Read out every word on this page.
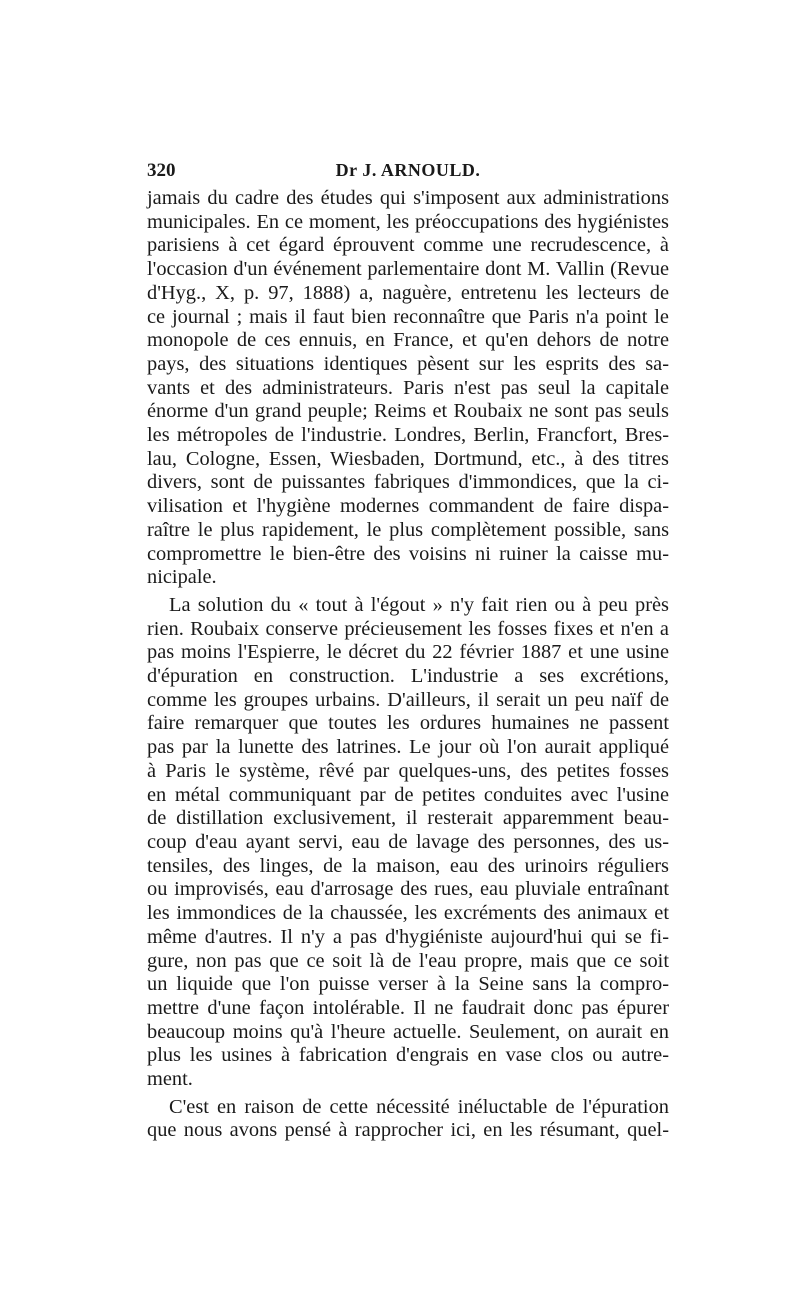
320	Dr J. ARNOULD.
jamais du cadre des études qui s'imposent aux administrations
municipales. En ce moment, les préoccupations des hygiénistes
parisiens à cet égard éprouvent comme une recrudescence, à
l'occasion d'un événement parlementaire dont M. Vallin (Revue
d'Hyg., X, p. 97, 1888) a, naguère, entretenu les lecteurs de
ce journal ; mais il faut bien reconnaître que Paris n'a point le
monopole de ces ennuis, en France, et qu'en dehors de notre
pays, des situations identiques pèsent sur les esprits des sa-
vants et des administrateurs. Paris n'est pas seul la capitale
énorme d'un grand peuple; Reims et Roubaix ne sont pas seuls
les métropoles de l'industrie. Londres, Berlin, Francfort, Bres-
lau, Cologne, Essen, Wiesbaden, Dortmund, etc., à des titres
divers, sont de puissantes fabriques d'immondices, que la ci-
vilisation et l'hygiène modernes commandent de faire dispa-
raître le plus rapidement, le plus complètement possible, sans
compromettre le bien-être des voisins ni ruiner la caisse mu-
nicipale.
La solution du « tout à l'égout » n'y fait rien ou à peu près
rien. Roubaix conserve précieusement les fosses fixes et n'en a
pas moins l'Espierre, le décret du 22 février 1887 et une usine
d'épuration en construction. L'industrie a ses excrétions,
comme les groupes urbains. D'ailleurs, il serait un peu naïf de
faire remarquer que toutes les ordures humaines ne passent
pas par la lunette des latrines. Le jour où l'on aurait appliqué
à Paris le système, rêvé par quelques-uns, des petites fosses
en métal communiquant par de petites conduites avec l'usine
de distillation exclusivement, il resterait apparemment beau-
coup d'eau ayant servi, eau de lavage des personnes, des us-
tensiles, des linges, de la maison, eau des urinoirs réguliers
ou improvisés, eau d'arrosage des rues, eau pluviale entraînant
les immondices de la chaussée, les excréments des animaux et
même d'autres. Il n'y a pas d'hygiéniste aujourd'hui qui se fi-
gure, non pas que ce soit là de l'eau propre, mais que ce soit
un liquide que l'on puisse verser à la Seine sans la compro-
mettre d'une façon intolérable. Il ne faudrait donc pas épurer
beaucoup moins qu'à l'heure actuelle. Seulement, on aurait en
plus les usines à fabrication d'engrais en vase clos ou autre-
ment.
C'est en raison de cette nécessité inéluctable de l'épuration
que nous avons pensé à rapprocher ici, en les résumant, quel-
